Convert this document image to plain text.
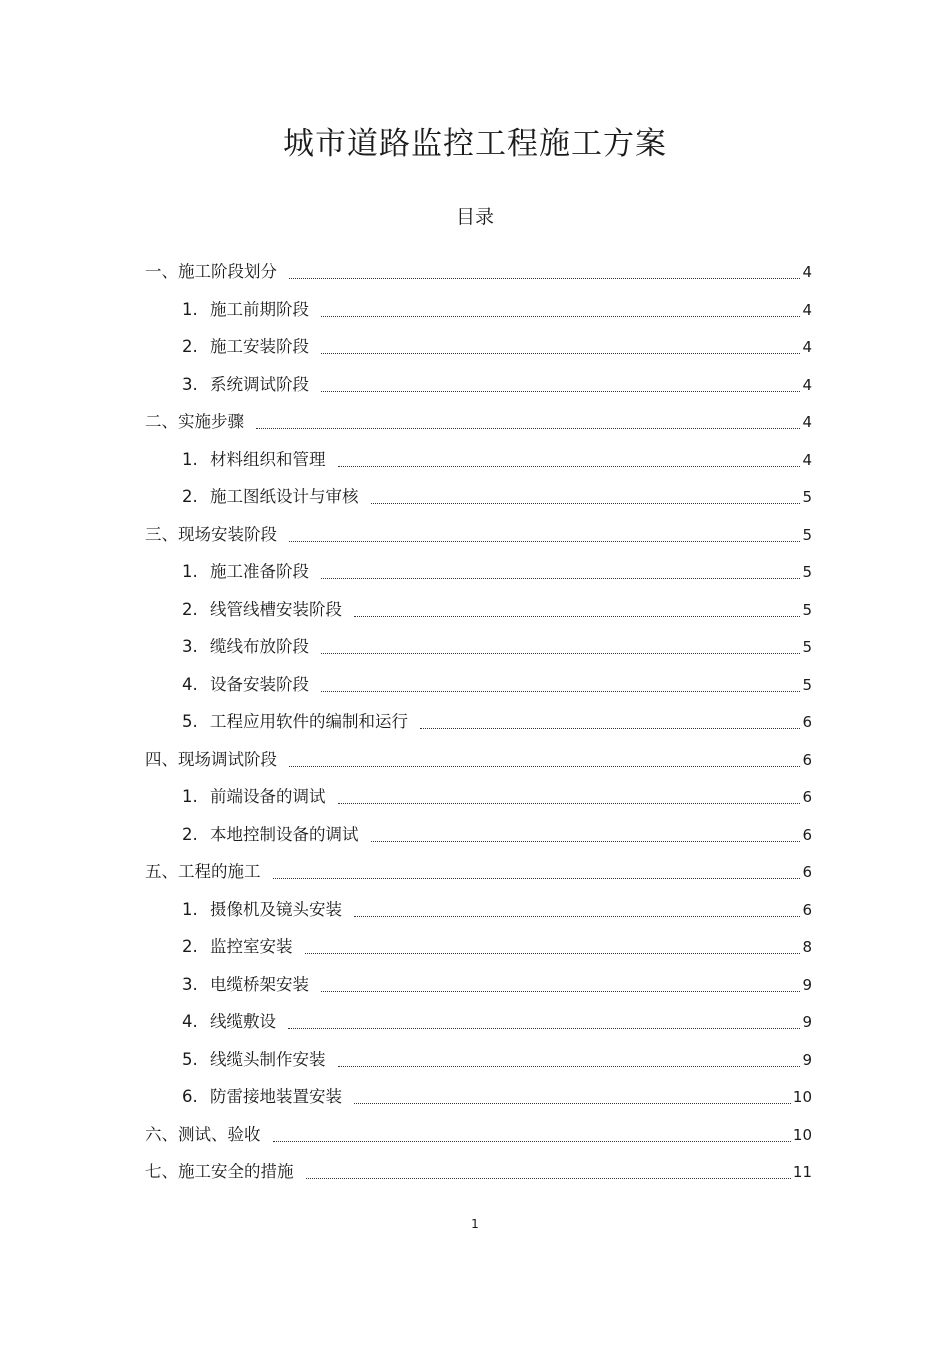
城市道路监控工程施工方案
目录
一、施工阶段划分	4
1. 施工前期阶段	4
2. 施工安装阶段	4
3. 系统调试阶段	4
二、实施步骤	4
1. 材料组织和管理	4
2. 施工图纸设计与审核	5
三、现场安装阶段	5
1. 施工准备阶段	5
2. 线管线槽安装阶段	5
3. 缆线布放阶段	5
4. 设备安装阶段	5
5. 工程应用软件的编制和运行	6
四、现场调试阶段	6
1. 前端设备的调试	6
2. 本地控制设备的调试	6
五、工程的施工	6
1. 摄像机及镜头安装	6
2. 监控室安装	8
3. 电缆桥架安装	9
4. 线缆敷设	9
5. 线缆头制作安装	9
6. 防雷接地装置安装	10
六、测试、验收	10
七、施工安全的措施	11
1
